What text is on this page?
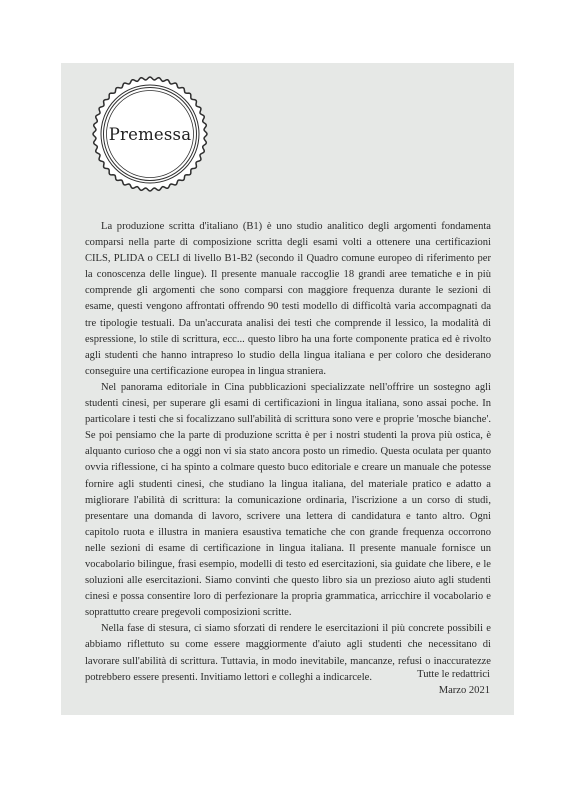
Premessa

La produzione scritta d'italiano (B1) è uno studio analitico degli argomenti fondamenta comparsi nella parte di composizione scritta degli esami volti a ottenere una certificazioni CILS, PLIDA o CELI di livello B1-B2 (secondo il Quadro comune europeo di riferimento per la conoscenza delle lingue). Il presente manuale raccoglie 18 grandi aree tematiche e in più comprende gli argomenti che sono comparsi con maggiore frequenza durante le sezioni di esame, questi vengono affrontati offrendo 90 testi modello di difficoltà varia accompagnati da tre tipologie testuali. Da un'accurata analisi dei testi che comprende il lessico, la modalità di espressione, lo stile di scrittura, ecc... questo libro ha una forte componente pratica ed è rivolto agli studenti che hanno intrapreso lo studio della lingua italiana e per coloro che desiderano conseguire una certificazione europea in lingua straniera.

Nel panorama editoriale in Cina pubblicazioni specializzate nell'offrire un sostegno agli studenti cinesi, per superare gli esami di certificazioni in lingua italiana, sono assai poche. In particolare i testi che si focalizzano sull'abilità di scrittura sono vere e proprie 'mosche bianche'. Se poi pensiamo che la parte di produzione scritta è per i nostri studenti la prova più ostica, è alquanto curioso che a oggi non vi sia stato ancora posto un rimedio. Questa oculata per quanto ovvia riflessione, ci ha spinto a colmare questo buco editoriale e creare un manuale che potesse fornire agli studenti cinesi, che studiano la lingua italiana, del materiale pratico e adatto a migliorare l'abilità di scrittura: la comunicazione ordinaria, l'iscrizione a un corso di studi, presentare una domanda di lavoro, scrivere una lettera di candidatura e tanto altro. Ogni capitolo ruota e illustra in maniera esaustiva tematiche che con grande frequenza occorrono nelle sezioni di esame di certificazione in lingua italiana. Il presente manuale fornisce un vocabolario bilingue, frasi esempio, modelli di testo ed esercitazioni, sia guidate che libere, e le soluzioni alle esercitazioni. Siamo convinti che questo libro sia un prezioso aiuto agli studenti cinesi e possa consentire loro di perfezionare la propria grammatica, arricchire il vocabolario e soprattutto creare pregevoli composizioni scritte.

Nella fase di stesura, ci siamo sforzati di rendere le esercitazioni il più concrete possibili e abbiamo riflettuto su come essere maggiormente d'aiuto agli studenti che necessitano di lavorare sull'abilità di scrittura. Tuttavia, in modo inevitabile, mancanze, refusi o inaccuratezze potrebbero essere presenti. Invitiamo lettori e colleghi a indicarcele.	Tutte le redattrici
Marzo 2021
